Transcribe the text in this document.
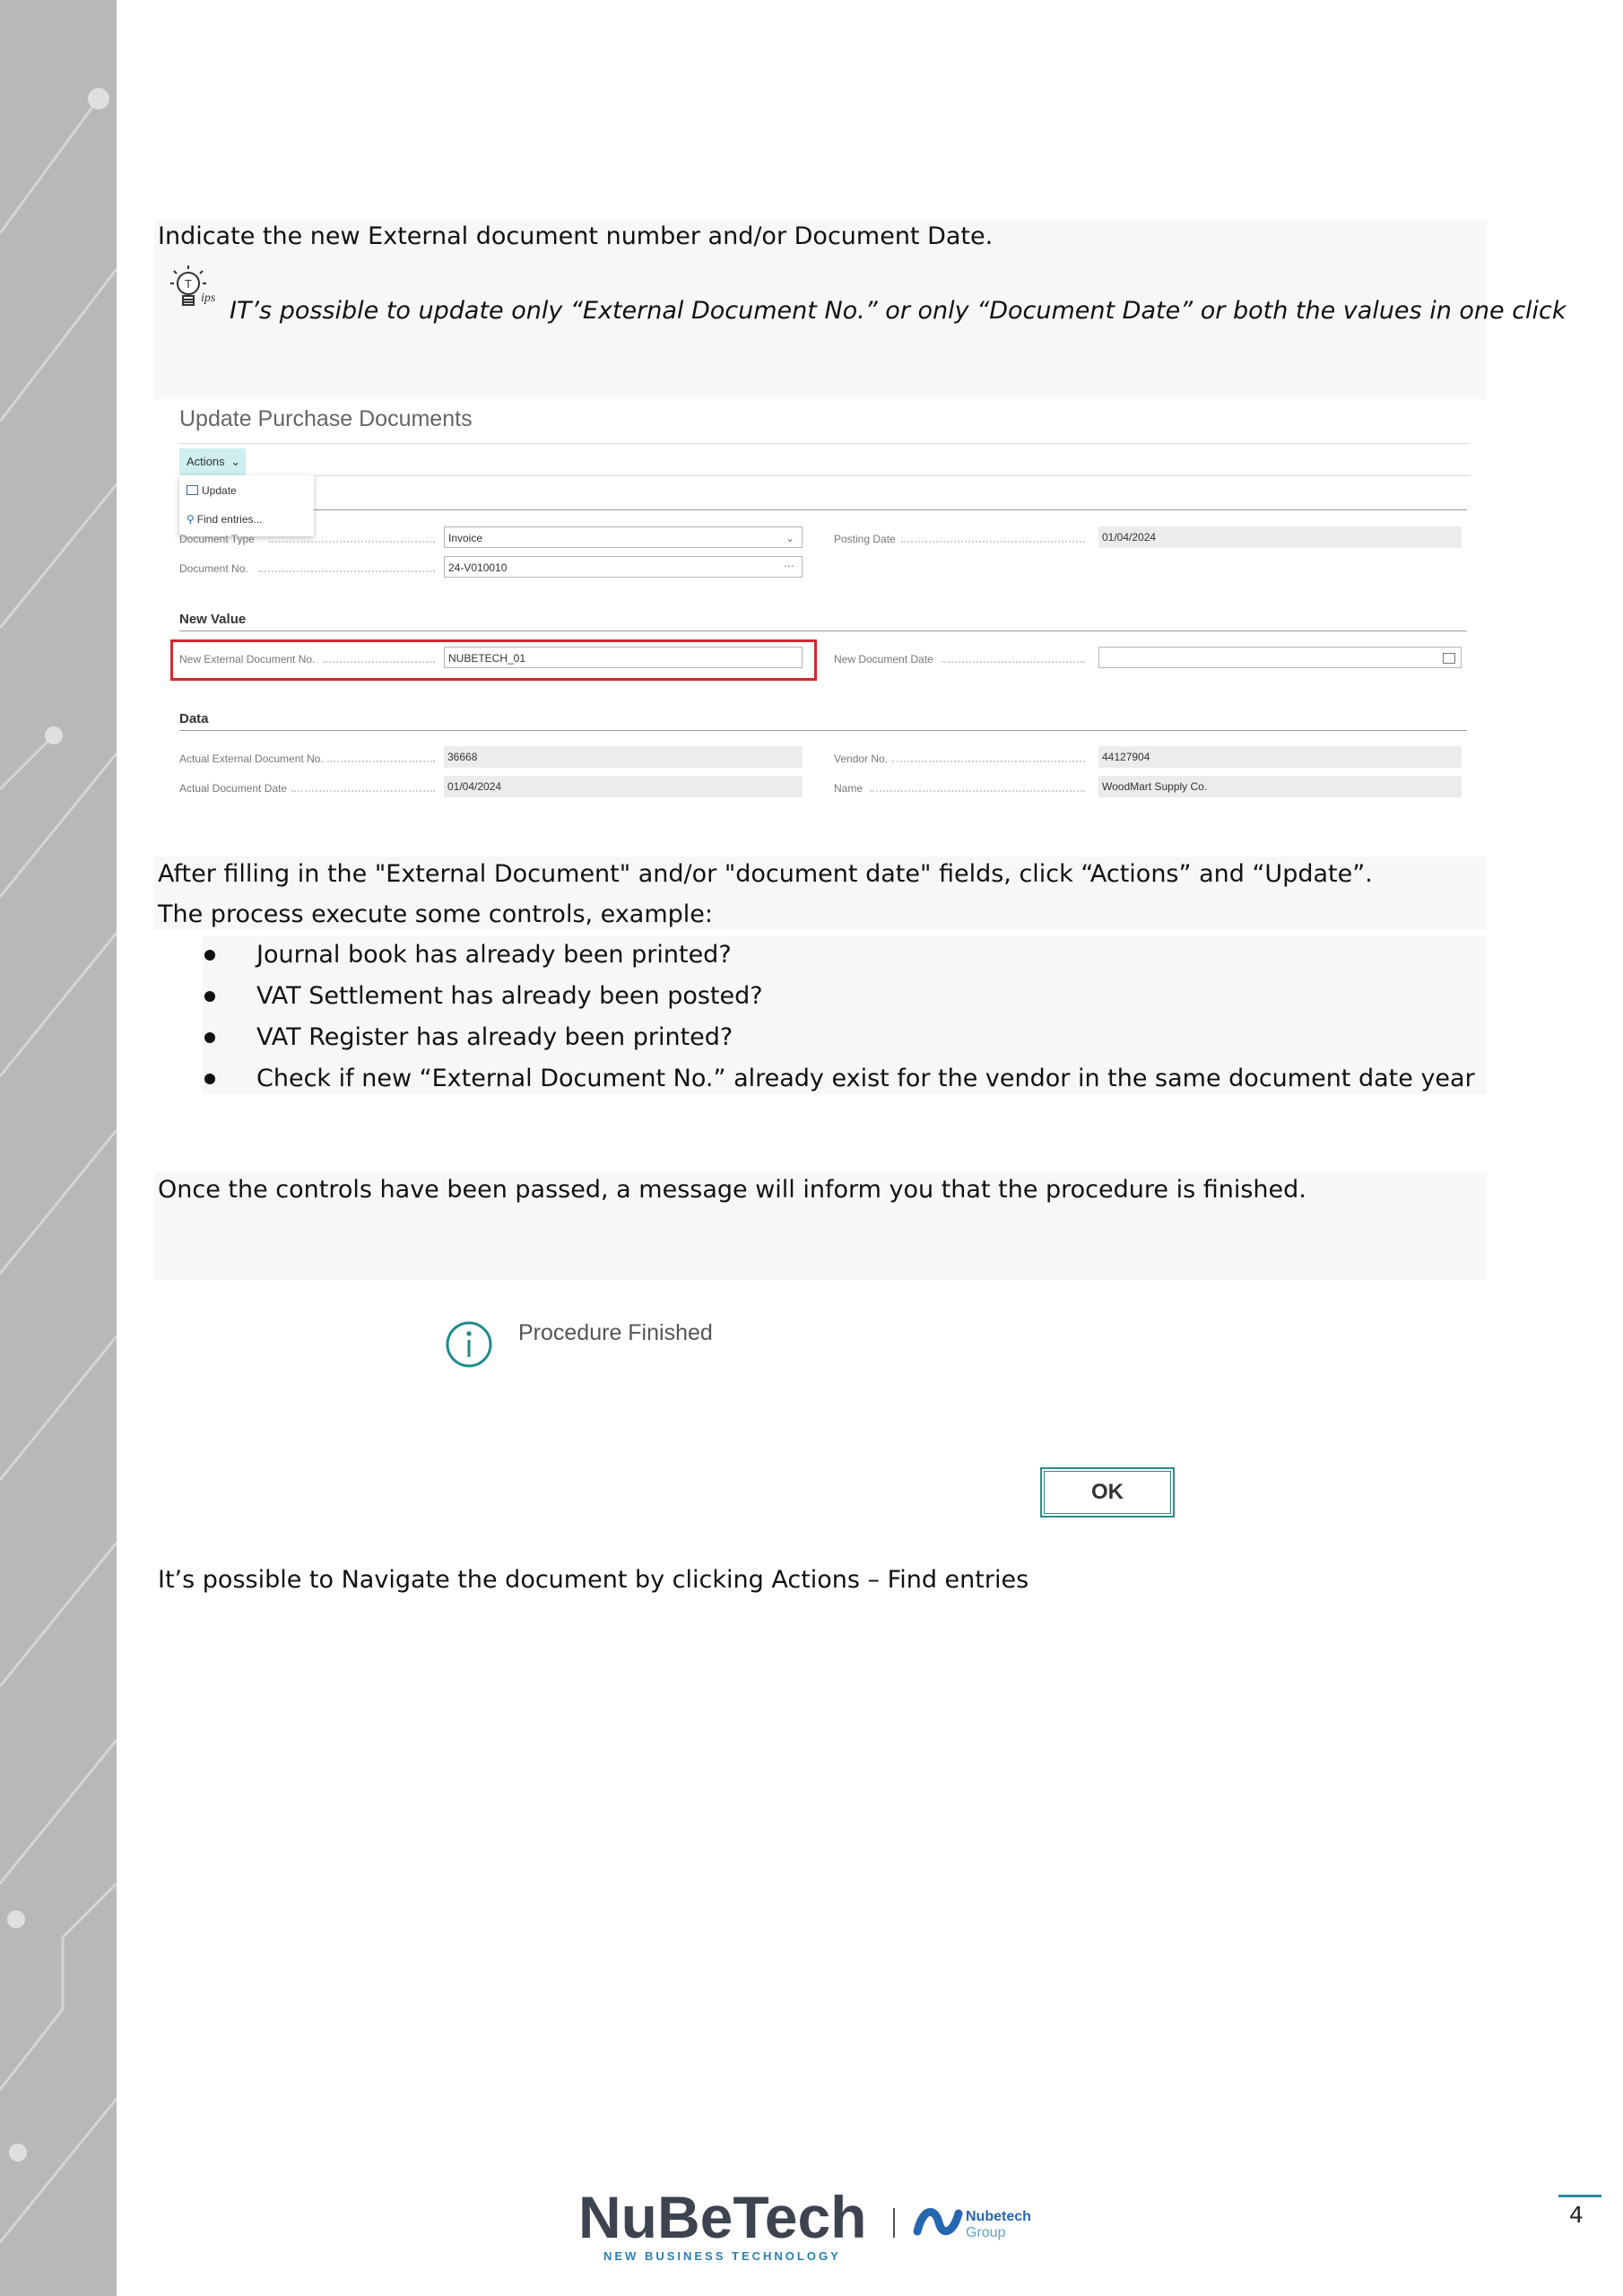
Indicate the new External document number and/or Document Date.
T
ips IT’s possible to update only “External Document No.” or only “Document Date” or both the values in one click
Update Purchase Documents
Actions ⌄
Update
⚲ Find entries...
Document Type	Invoice	⌄	Posting Date	01/04/2024
Document No.	24-V010010	⋯
New Value
New External Document No.	NUBETECH_01	New Document Date
Data
Actual External Document No.	36668	Vendor No.	44127904
Actual Document Date	01/04/2024	Name	WoodMart Supply Co.
After filling in the "External Document" and/or "document date" fields, click “Actions” and “Update”.
The process execute some controls, example:
Journal book has already been printed?
VAT Settlement has already been posted?
VAT Register has already been printed?
Check if new “External Document No.” already exist for the vendor in the same document date year
Once the controls have been passed, a message will inform you that the procedure is finished.
Procedure Finished
OK
It’s possible to Navigate the document by clicking Actions – Find entries
NuBeTech
NEW BUSINESS TECHNOLOGY
Nubetech
Group
4
